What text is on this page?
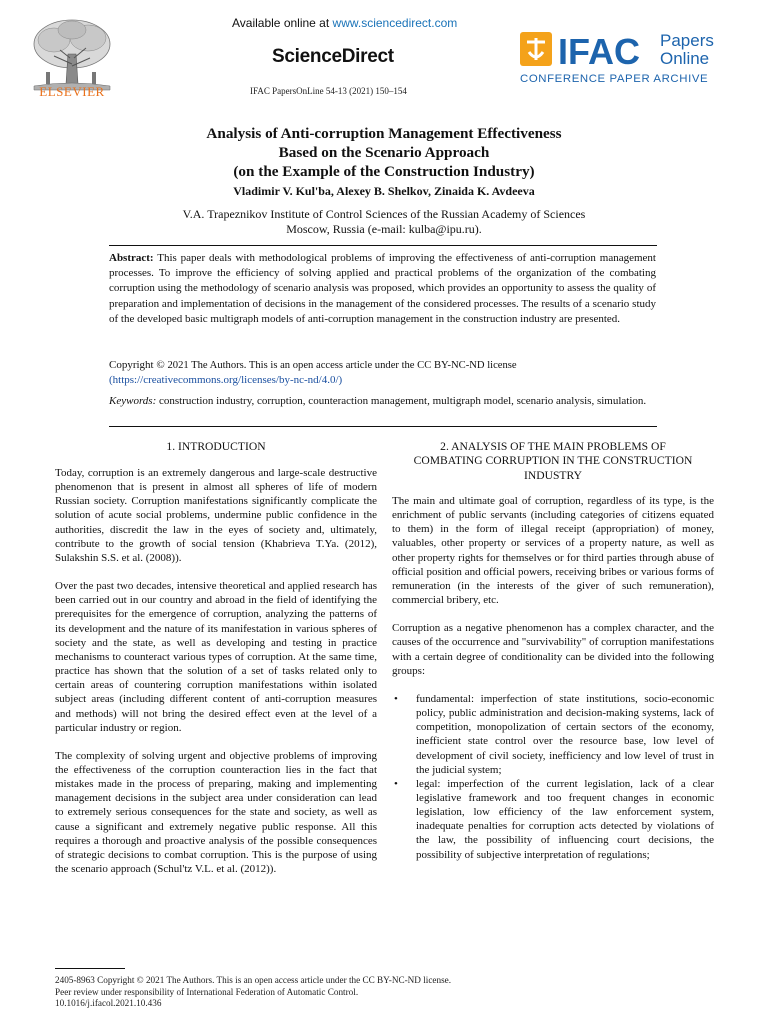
ELSEVIER
Available online at www.sciencedirect.com
ScienceDirect
IFAC PapersOnLine 54-13 (2021) 150–154
IFAC Papers
Online
CONFERENCE PAPER ARCHIVE
Analysis of Anti-corruption Management Effectiveness
Based on the Scenario Approach
(on the Example of the Construction Industry)
Vladimir V. Kul'ba, Alexey B. Shelkov, Zinaida K. Avdeeva
V.A. Trapeznikov Institute of Control Sciences of the Russian Academy of Sciences
Moscow, Russia (e-mail: kulba@ipu.ru).
Abstract: This paper deals with methodological problems of improving the effectiveness of anti-corruption management processes. To improve the efficiency of solving applied and practical problems of the organization of the combating corruption using the methodology of scenario analysis was proposed, which provides an opportunity to assess the quality of preparation and implementation of decisions in the management of the considered processes. The results of a scenario study of the developed basic multigraph models of anti-corruption management in the construction industry are presented.
Copyright © 2021 The Authors. This is an open access article under the CC BY-NC-ND license
(https://creativecommons.org/licenses/by-nc-nd/4.0/)
Keywords: construction industry, corruption, counteraction management, multigraph model, scenario analysis, simulation.
1. INTRODUCTION

Today, corruption is an extremely dangerous and large-scale destructive phenomenon that is present in almost all spheres of life of modern Russian society. Corruption manifestations significantly complicate the solution of acute social problems, undermine public confidence in the authorities, discredit the law in the eyes of society and, ultimately, contribute to the growth of social tension (Khabrieva T.Ya. (2012), Sulakshin S.S. et al. (2008)).

Over the past two decades, intensive theoretical and applied research has been carried out in our country and abroad in the field of identifying the prerequisites for the emergence of corruption, analyzing the patterns of its development and the nature of its manifestation in various spheres of society and the state, as well as developing and testing in practice mechanisms to counteract various types of corruption. At the same time, practice has shown that the solution of a set of tasks related only to certain areas of countering corruption manifestations within isolated subject areas (including different content of anti-corruption measures and methods) will not bring the desired effect even at the level of a particular industry or region.

The complexity of solving urgent and objective problems of improving the effectiveness of the corruption counteraction lies in the fact that mistakes made in the process of preparing, making and implementing management decisions in the subject area under consideration can lead to extremely serious consequences for the state and society, as well as cause a significant and extremely negative public response. All this requires a thorough and proactive analysis of the possible consequences of strategic decisions to combat corruption. This is the purpose of using the scenario approach (Schul'tz V.L. et al. (2012)).

2. ANALYSIS OF THE MAIN PROBLEMS OF
COMBATING CORRUPTION IN THE CONSTRUCTION
INDUSTRY

The main and ultimate goal of corruption, regardless of its type, is the enrichment of public servants (including categories of citizens equated to them) in the form of illegal receipt (appropriation) of money, valuables, other property or services of a property nature, as well as other property rights for themselves or for third parties through abuse of official position and official powers, receiving bribes or various forms of remuneration (in the interests of the giver of such remuneration), commercial bribery, etc.

Corruption as a negative phenomenon has a complex character, and the causes of the occurrence and "survivability" of corruption manifestations with a certain degree of conditionality can be divided into the following groups:

• fundamental: imperfection of state institutions, socio-economic policy, public administration and decision-making systems, lack of competition, monopolization of certain sectors of the economy, inefficient state control over the resource base, low level of development of civil society, inefficiency and low level of trust in the judicial system;
• legal: imperfection of the current legislation, lack of a clear legislative framework and too frequent changes in economic legislation, low efficiency of the law enforcement system, inadequate penalties for corruption acts detected by violations of the law, the possibility of influencing court decisions, the possibility of subjective interpretation of regulations;
2405-8963 Copyright © 2021 The Authors. This is an open access article under the CC BY-NC-ND license.
Peer review under responsibility of International Federation of Automatic Control.
10.1016/j.ifacol.2021.10.436
